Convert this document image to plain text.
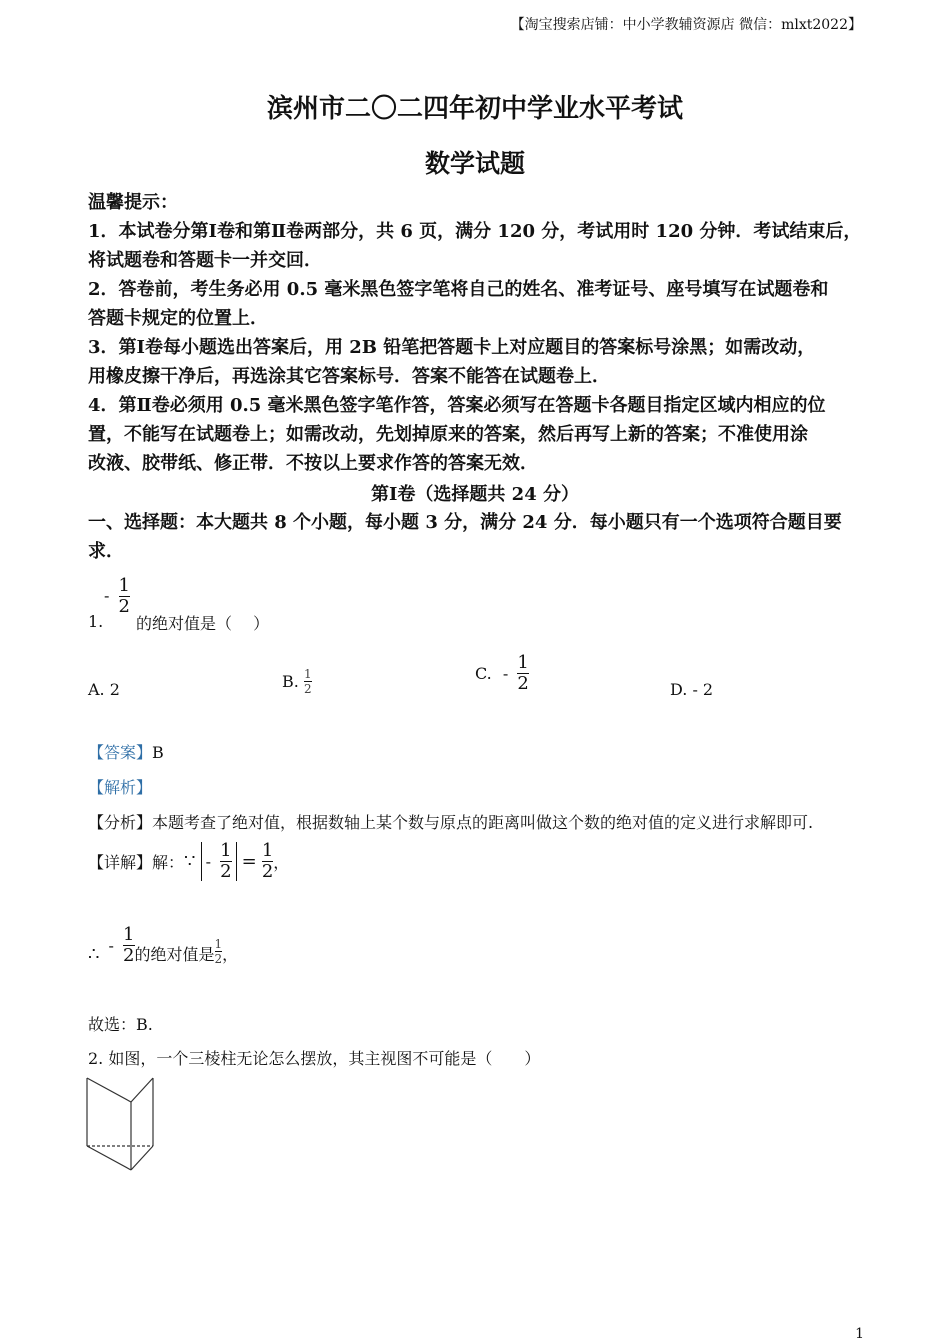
【淘宝搜索店铺：中小学教辅资源店 微信：mlxt2022】
滨州市二〇二四年初中学业水平考试
数学试题
温馨提示：
1．本试卷分第Ⅰ卷和第Ⅱ卷两部分，共 6 页，满分 120 分，考试用时 120 分钟．考试结束后，
将试题卷和答题卡一并交回．
2．答卷前，考生务必用 0.5 毫米黑色签字笔将自己的姓名、准考证号、座号填写在试题卷和
答题卡规定的位置上．
3．第Ⅰ卷每小题选出答案后，用 2B 铅笔把答题卡上对应题目的答案标号涂黑；如需改动，
用橡皮擦干净后，再选涂其它答案标号．答案不能答在试题卷上．
4．第Ⅱ卷必须用 0.5 毫米黑色签字笔作答，答案必须写在答题卡各题目指定区域内相应的位
置，不能写在试题卷上；如需改动，先划掉原来的答案，然后再写上新的答案；不准使用涂
改液、胶带纸、修正带．不按以上要求作答的答案无效．
第Ⅰ卷（选择题共 24 分）
一、选择题：本大题共 8 个小题，每小题 3 分，满分 24 分．每小题只有一个选项符合题目要
求．
1.
- $\frac{1}{2}$
的绝对值是（　 ）
A. 2	B. $\frac{1}{2}$	C. - $\frac{1}{2}$	D. - 2
【答案】B
【解析】
【分析】本题考查了绝对值，根据数轴上某个数与原点的距离叫做这个数的绝对值的定义进行求解即可.
【详解】解：∵ - $\frac{1}{2} = \frac{1}{2}$ ，
∴ - $\frac{1}{2}$ 的绝对值是 $\frac{1}{2}$ ，
故选：B.
2. 如图，一个三棱柱无论怎么摆放，其主视图不可能是（　　）
1
